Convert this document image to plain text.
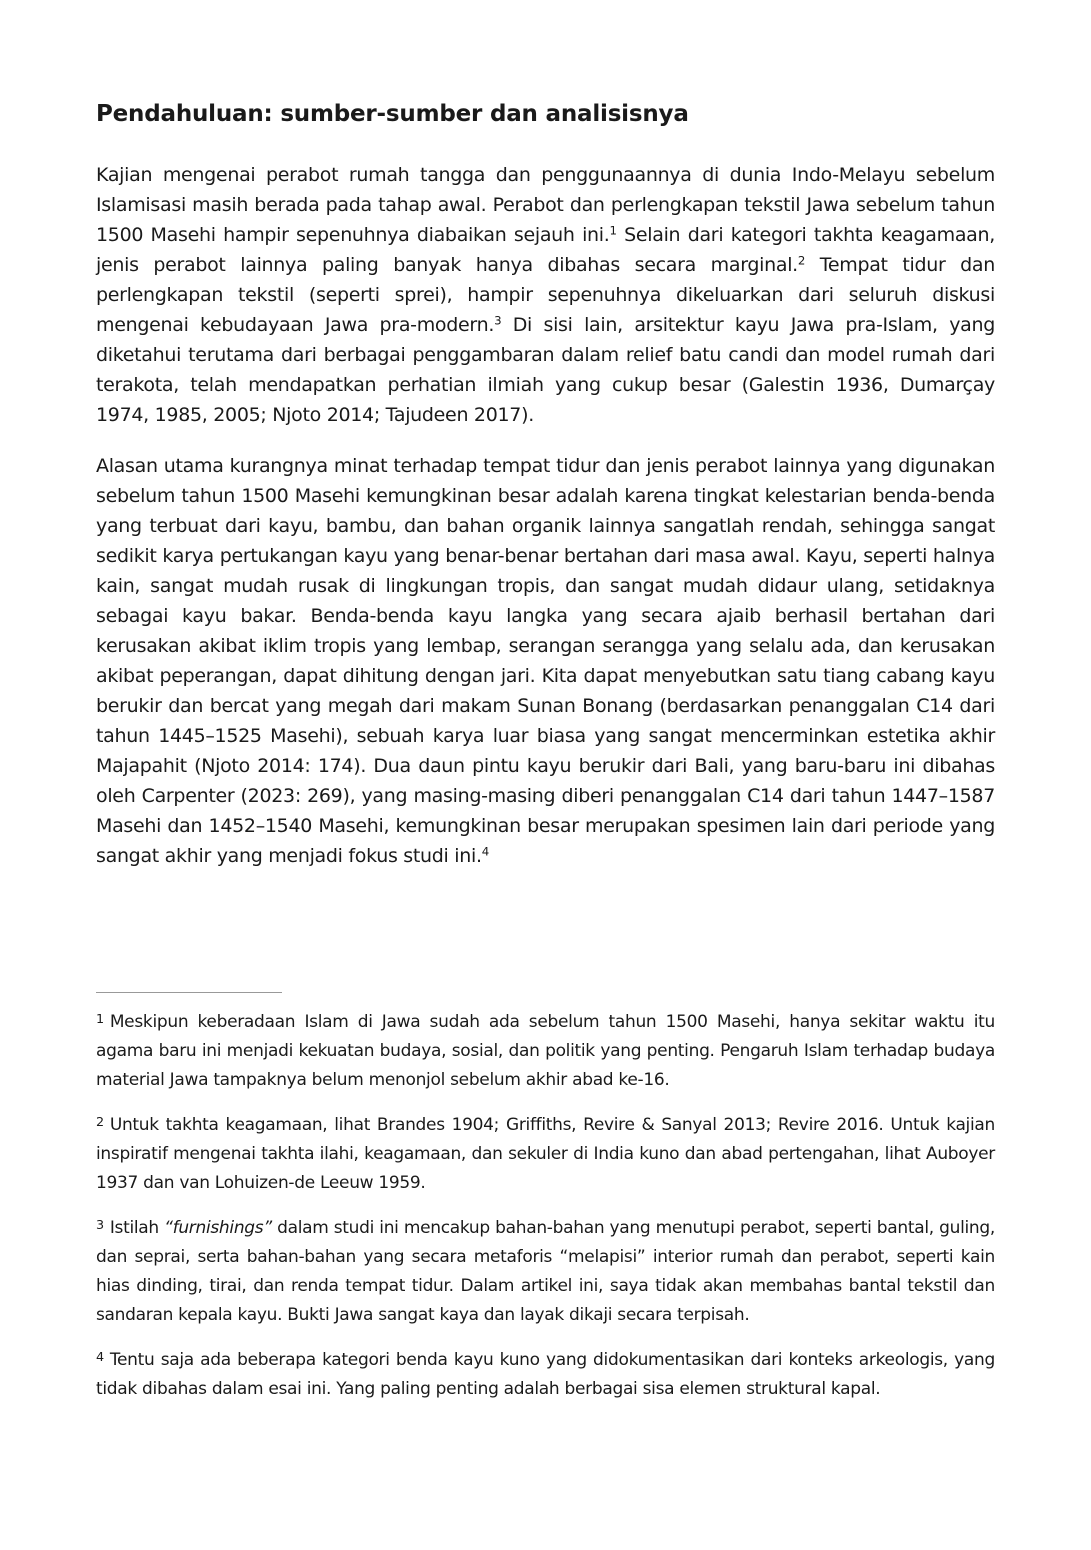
Pendahuluan: sumber-sumber dan analisisnya

Kajian mengenai perabot rumah tangga dan penggunaannya di dunia Indo-Melayu sebelum Islamisasi masih berada pada tahap awal. Perabot dan perlengkapan tekstil Jawa sebelum tahun 1500 Masehi hampir sepenuhnya diabaikan sejauh ini.$^1$ Selain dari kategori takhta keagamaan, jenis perabot lainnya paling banyak hanya dibahas secara marginal.$^2$ Tempat tidur dan perlengkapan tekstil (seperti sprei), hampir sepenuhnya dikeluarkan dari seluruh diskusi mengenai kebudayaan Jawa pra-modern.$^3$ Di sisi lain, arsitektur kayu Jawa pra-Islam, yang diketahui terutama dari berbagai penggambaran dalam relief batu candi dan model rumah dari terakota, telah mendapatkan perhatian ilmiah yang cukup besar (Galestin 1936, Dumarçay 1974, 1985, 2005; Njoto 2014; Tajudeen 2017).

Alasan utama kurangnya minat terhadap tempat tidur dan jenis perabot lainnya yang digunakan sebelum tahun 1500 Masehi kemungkinan besar adalah karena tingkat kelestarian benda-benda yang terbuat dari kayu, bambu, dan bahan organik lainnya sangatlah rendah, sehingga sangat sedikit karya pertukangan kayu yang benar-benar bertahan dari masa awal. Kayu, seperti halnya kain, sangat mudah rusak di lingkungan tropis, dan sangat mudah didaur ulang, setidaknya sebagai kayu bakar. Benda-benda kayu langka yang secara ajaib berhasil bertahan dari kerusakan akibat iklim tropis yang lembap, serangan serangga yang selalu ada, dan kerusakan akibat peperangan, dapat dihitung dengan jari. Kita dapat menyebutkan satu tiang cabang kayu berukir dan bercat yang megah dari makam Sunan Bonang (berdasarkan penanggalan C14 dari tahun 1445–1525 Masehi), sebuah karya luar biasa yang sangat mencerminkan estetika akhir Majapahit (Njoto 2014: 174). Dua daun pintu kayu berukir dari Bali, yang baru-baru ini dibahas oleh Carpenter (2023: 269), yang masing-masing diberi penanggalan C14 dari tahun 1447–1587 Masehi dan 1452–1540 Masehi, kemungkinan besar merupakan spesimen lain dari periode yang sangat akhir yang menjadi fokus studi ini.$^4$

$^1$ Meskipun keberadaan Islam di Jawa sudah ada sebelum tahun 1500 Masehi, hanya sekitar waktu itu agama baru ini menjadi kekuatan budaya, sosial, dan politik yang penting. Pengaruh Islam terhadap budaya material Jawa tampaknya belum menonjol sebelum akhir abad ke-16.

$^2$ Untuk takhta keagamaan, lihat Brandes 1904; Griffiths, Revire & Sanyal 2013; Revire 2016. Untuk kajian inspiratif mengenai takhta ilahi, keagamaan, dan sekuler di India kuno dan abad pertengahan, lihat Auboyer 1937 dan van Lohuizen-de Leeuw 1959.

$^3$ Istilah “furnishings” dalam studi ini mencakup bahan-bahan yang menutupi perabot, seperti bantal, guling, dan seprai, serta bahan-bahan yang secara metaforis “melapisi” interior rumah dan perabot, seperti kain hias dinding, tirai, dan renda tempat tidur. Dalam artikel ini, saya tidak akan membahas bantal tekstil dan sandaran kepala kayu. Bukti Jawa sangat kaya dan layak dikaji secara terpisah.

$^4$ Tentu saja ada beberapa kategori benda kayu kuno yang didokumentasikan dari konteks arkeologis, yang tidak dibahas dalam esai ini. Yang paling penting adalah berbagai sisa elemen struktural kapal.
